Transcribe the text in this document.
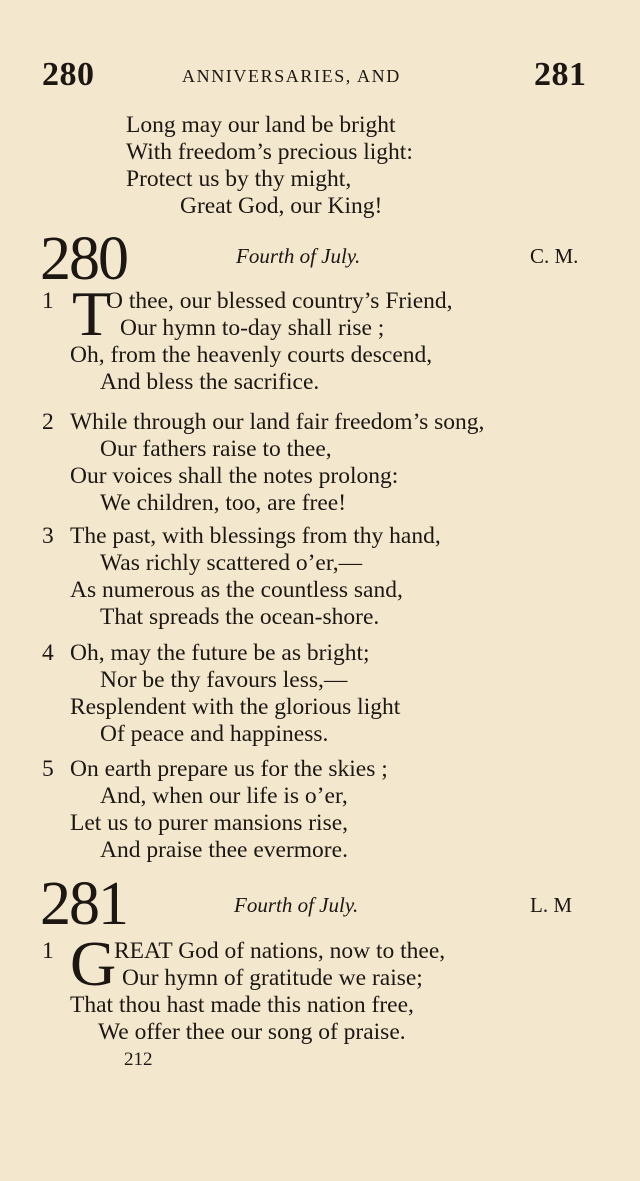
280	ANNIVERSARIES, AND	281
Long may our land be bright
With freedom’s precious light:
Protect us by thy might,
Great God, our King!
280	Fourth of July.	C. M.
1 T
O thee, our blessed country’s Friend,
Our hymn to-day shall rise ;
Oh, from the heavenly courts descend,
And bless the sacrifice.
2 While through our land fair freedom’s song,
Our fathers raise to thee,
Our voices shall the notes prolong:
We children, too, are free!
3 The past, with blessings from thy hand,
Was richly scattered o’er,—
As numerous as the countless sand,
That spreads the ocean-shore.
4 Oh, may the future be as bright;
Nor be thy favours less,—
Resplendent with the glorious light
Of peace and happiness.
5 On earth prepare us for the skies ;
And, when our life is o’er,
Let us to purer mansions rise,
And praise thee evermore.
281	Fourth of July.	L. M
1 G
REAT God of nations, now to thee,
Our hymn of gratitude we raise;
That thou hast made this nation free,
We offer thee our song of praise.
212
